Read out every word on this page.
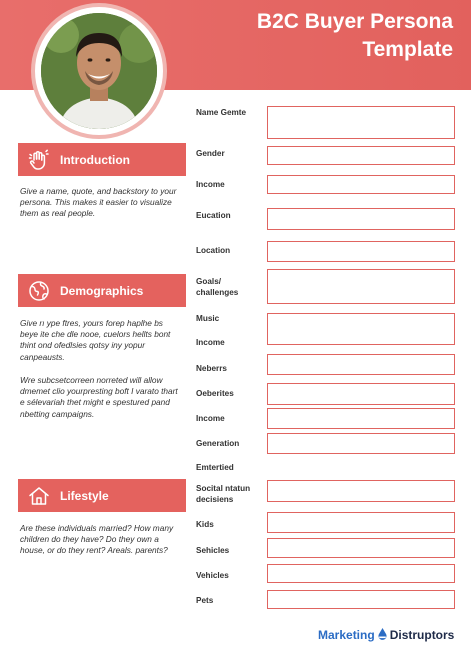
B2C Buyer Persona
Template
Introduction
Give a name, quote, and backstory to your persona. This makes it easier to visualize them as real people.
Demographics
Give rı ype ftres, yours forep haplhe bs beye ite che dle nooe, cuelors hellts bont thint ond ofedlsies qotsy iny yopur canpeausts.
Wre subcsetcorreen norreted will allow dmemet clio yourpresting boft I varato thart e sélevariah thet might e spestured pand nbetting campaigns.
Lifestyle
Are these individuals married? How many children do they have? Do they own a house, or do they rent? Areals. parents?
Name Gemte
Gender
Income
Eucation
Location
Goals/ challenges
Music
Income
Neberrs
Oeberites
Income
Generation
Emtertied
Socital ntatun decisiens
Kids
Sehicles
Vehicles
Pets
Marketing Distruptors
